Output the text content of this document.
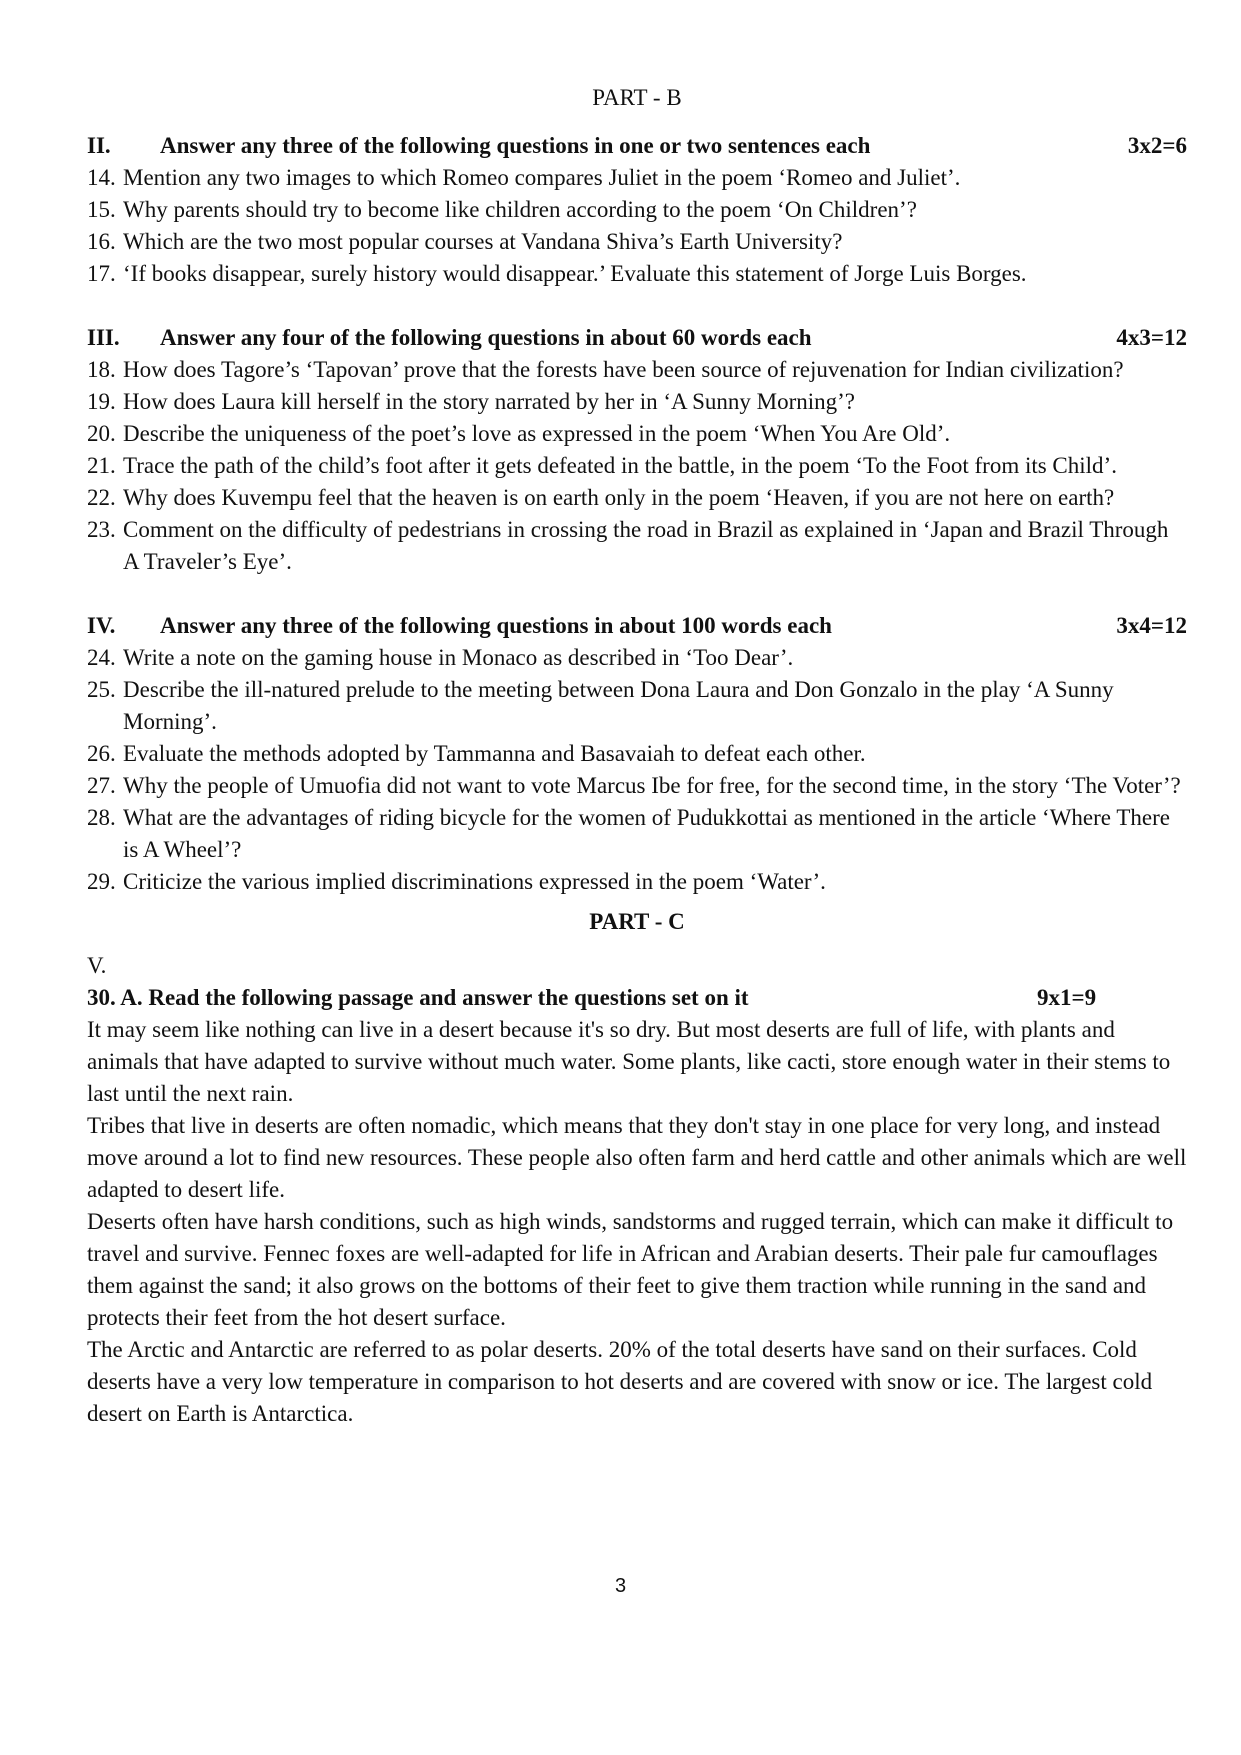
PART - B
II.	Answer any three of the following questions in one or two sentences each	3x2=6
14. Mention any two images to which Romeo compares Juliet in the poem ‘Romeo and Juliet’.
15. Why parents should try to become like children according to the poem ‘On Children’?
16. Which are the two most popular courses at Vandana Shiva’s Earth University?
17. ‘If books disappear, surely history would disappear.’ Evaluate this statement of Jorge Luis Borges.
III.	Answer any four of the following questions in about 60 words each	4x3=12
18. How does Tagore’s ‘Tapovan’ prove that the forests have been source of rejuvenation for Indian civilization?
19. How does Laura kill herself in the story narrated by her in ‘A Sunny Morning’?
20. Describe the uniqueness of the poet’s love as expressed in the poem ‘When You Are Old’.
21. Trace the path of the child’s foot after it gets defeated in the battle, in the poem ‘To the Foot from its Child’.
22. Why does Kuvempu feel that the heaven is on earth only in the poem ‘Heaven, if you are not here on earth?
23. Comment on the difficulty of pedestrians in crossing the road in Brazil as explained in ‘Japan and Brazil Through A Traveler’s Eye’.
IV.	Answer any three of the following questions in about 100 words each	3x4=12
24. Write a note on the gaming house in Monaco as described in ‘Too Dear’.
25. Describe the ill-natured prelude to the meeting between Dona Laura and Don Gonzalo in the play ‘A Sunny Morning’.
26. Evaluate the methods adopted by Tammanna and Basavaiah to defeat each other.
27. Why the people of Umuofia did not want to vote Marcus Ibe for free, for the second time, in the story ‘The Voter’?
28. What are the advantages of riding bicycle for the women of Pudukkottai as mentioned in the article ‘Where There is A Wheel’?
29. Criticize the various implied discriminations expressed in the poem ‘Water’.
PART - C
V.
30. A. Read the following passage and answer the questions set on it	9x1=9

It may seem like nothing can live in a desert because it's so dry. But most deserts are full of life, with plants and animals that have adapted to survive without much water. Some plants, like cacti, store enough water in their stems to last until the next rain.

Tribes that live in deserts are often nomadic, which means that they don't stay in one place for very long, and instead move around a lot to find new resources. These people also often farm and herd cattle and other animals which are well adapted to desert life.

Deserts often have harsh conditions, such as high winds, sandstorms and rugged terrain, which can make it difficult to travel and survive. Fennec foxes are well-adapted for life in African and Arabian deserts. Their pale fur camouflages them against the sand; it also grows on the bottoms of their feet to give them traction while running in the sand and protects their feet from the hot desert surface.

The Arctic and Antarctic are referred to as polar deserts. 20% of the total deserts have sand on their surfaces. Cold deserts have a very low temperature in comparison to hot deserts and are covered with snow or ice. The largest cold desert on Earth is Antarctica.

3
